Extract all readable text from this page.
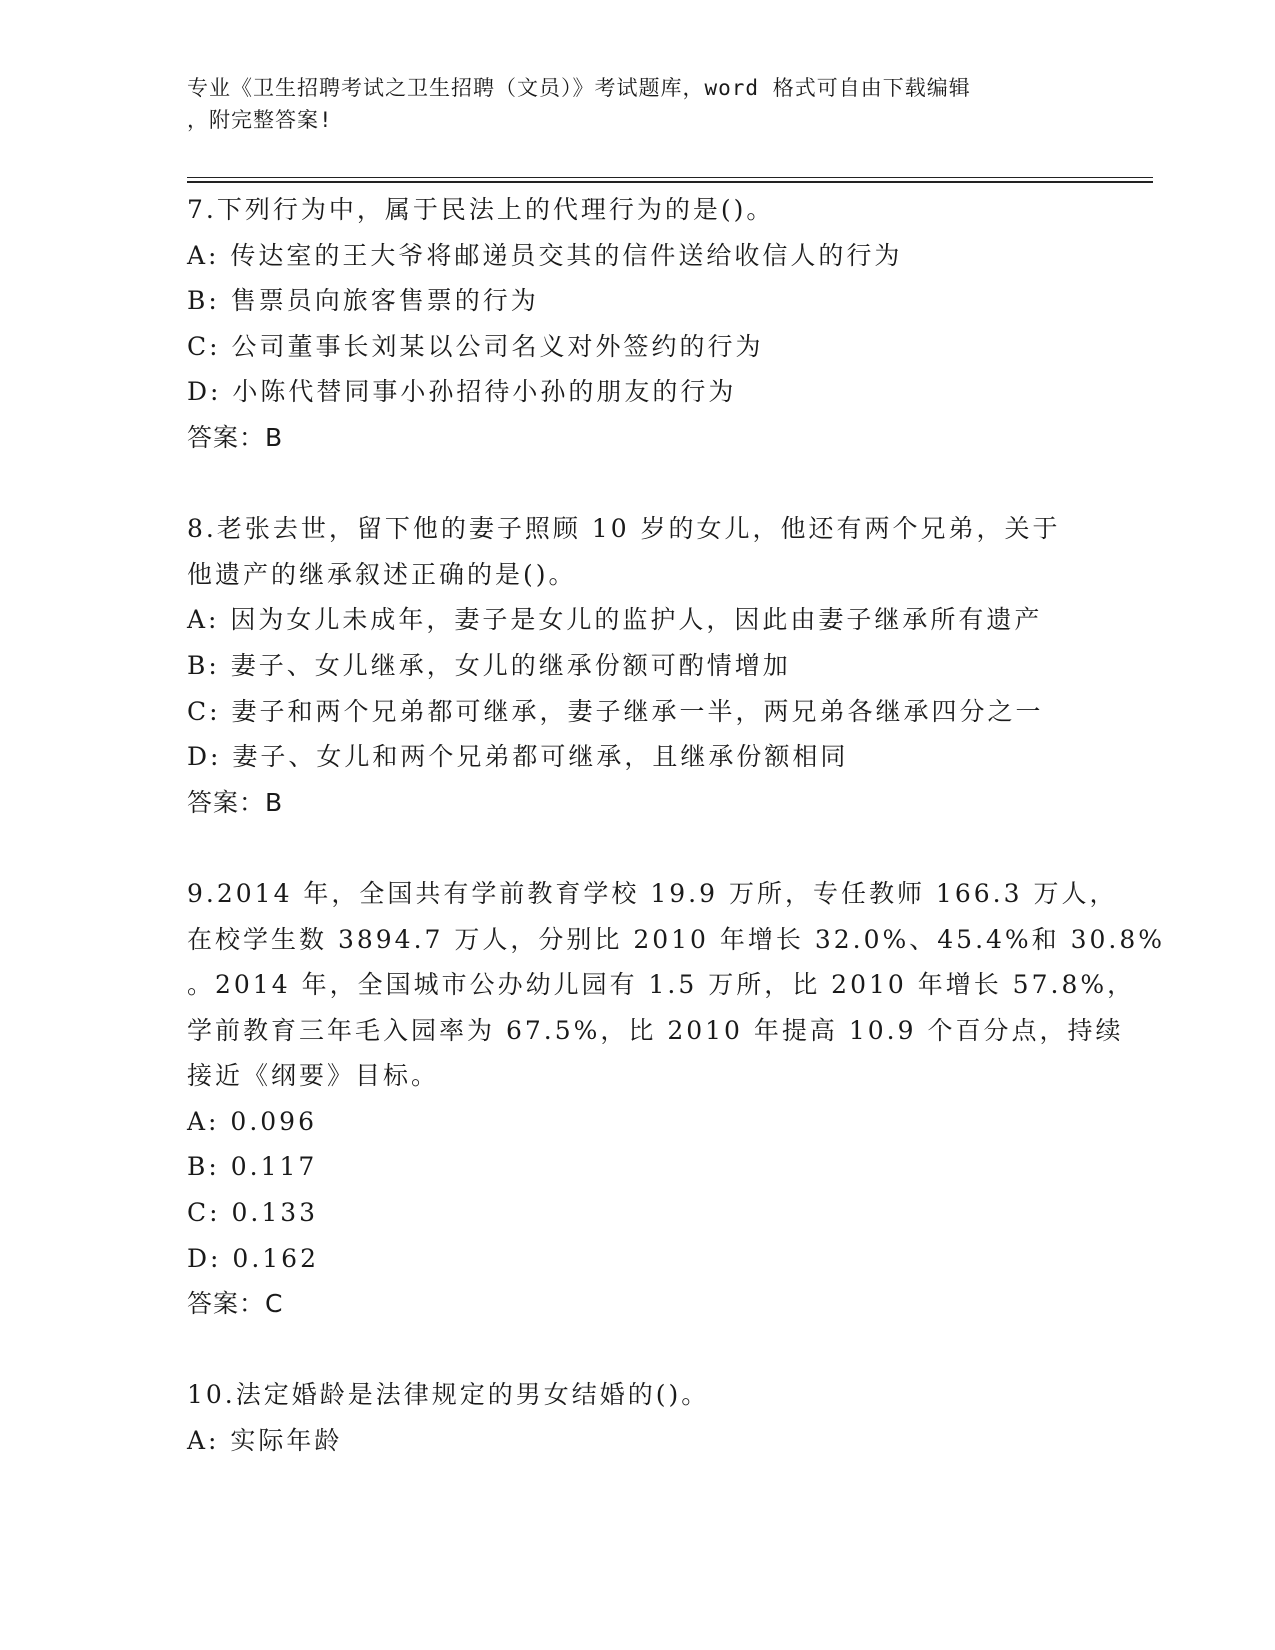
专业《卫生招聘考试之卫生招聘（文员）》考试题库，word 格式可自由下载编辑
，附完整答案!
7.下列行为中，属于民法上的代理行为的是()。
A: 传达室的王大爷将邮递员交其的信件送给收信人的行为
B: 售票员向旅客售票的行为
C: 公司董事长刘某以公司名义对外签约的行为
D: 小陈代替同事小孙招待小孙的朋友的行为
答案：B
8.老张去世，留下他的妻子照顾 10 岁的女儿，他还有两个兄弟，关于
他遗产的继承叙述正确的是()。
A: 因为女儿未成年，妻子是女儿的监护人，因此由妻子继承所有遗产
B: 妻子、女儿继承，女儿的继承份额可酌情增加
C: 妻子和两个兄弟都可继承，妻子继承一半，两兄弟各继承四分之一
D: 妻子、女儿和两个兄弟都可继承，且继承份额相同
答案：B
9.2014 年，全国共有学前教育学校 19.9 万所，专任教师 166.3 万人，
在校学生数 3894.7 万人，分别比 2010 年增长 32.0%、45.4%和 30.8%
。2014 年，全国城市公办幼儿园有 1.5 万所，比 2010 年增长 57.8%，
学前教育三年毛入园率为 67.5%，比 2010 年提高 10.9 个百分点，持续
接近《纲要》目标。
A: 0.096
B: 0.117
C: 0.133
D: 0.162
答案：C
10.法定婚龄是法律规定的男女结婚的()。
A: 实际年龄
